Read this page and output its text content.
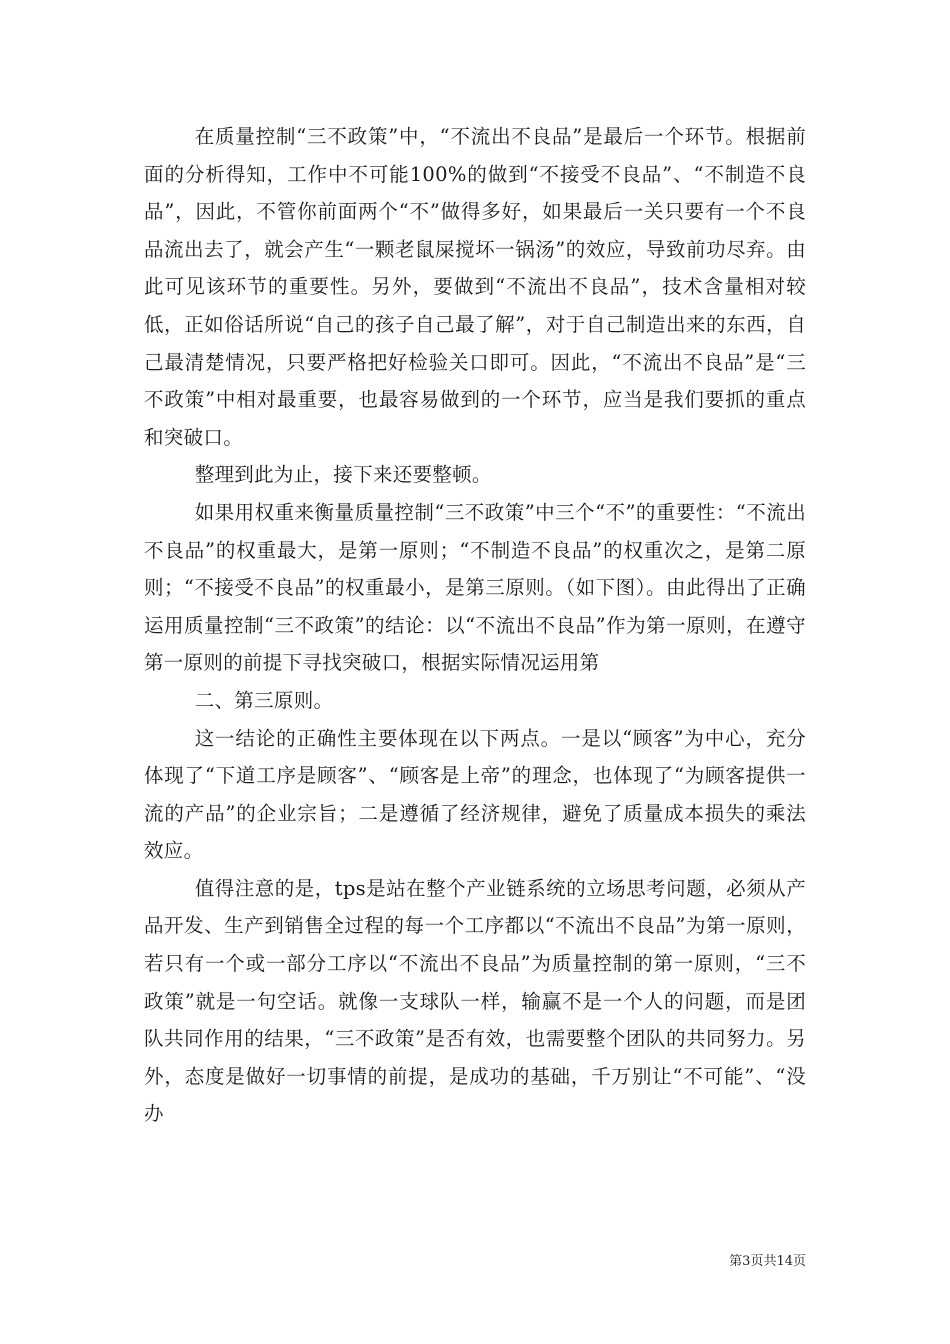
在质量控制“三不政策”中，“不流出不良品”是最后一个环节。根据前面的分析得知，工作中不可能100%的做到“不接受不良品”、“不制造不良品”，因此，不管你前面两个“不”做得多好，如果最后一关只要有一个不良品流出去了，就会产生“一颗老鼠屎搅坏一锅汤”的效应，导致前功尽弃。由此可见该环节的重要性。另外，要做到“不流出不良品”，技术含量相对较低，正如俗话所说“自己的孩子自己最了解”，对于自己制造出来的东西，自己最清楚情况，只要严格把好检验关口即可。因此，“不流出不良品”是“三不政策”中相对最重要，也最容易做到的一个环节，应当是我们要抓的重点和突破口。

整理到此为止，接下来还要整顿。

如果用权重来衡量质量控制“三不政策”中三个“不”的重要性：“不流出不良品”的权重最大，是第一原则；“不制造不良品”的权重次之，是第二原则；“不接受不良品”的权重最小，是第三原则。（如下图）。由此得出了正确运用质量控制“三不政策”的结论：以“不流出不良品”作为第一原则，在遵守第一原则的前提下寻找突破口，根据实际情况运用第

二、第三原则。

这一结论的正确性主要体现在以下两点。一是以“顾客”为中心，充分体现了“下道工序是顾客”、“顾客是上帝”的理念，也体现了“为顾客提供一流的产品”的企业宗旨；二是遵循了经济规律，避免了质量成本损失的乘法效应。

值得注意的是，tps是站在整个产业链系统的立场思考问题，必须从产品开发、生产到销售全过程的每一个工序都以“不流出不良品”为第一原则，若只有一个或一部分工序以“不流出不良品”为质量控制的第一原则，“三不政策”就是一句空话。就像一支球队一样，输赢不是一个人的问题，而是团队共同作用的结果，“三不政策”是否有效，也需要整个团队的共同努力。另外，态度是做好一切事情的前提，是成功的基础，千万别让“不可能”、“没办

第3页共14页
